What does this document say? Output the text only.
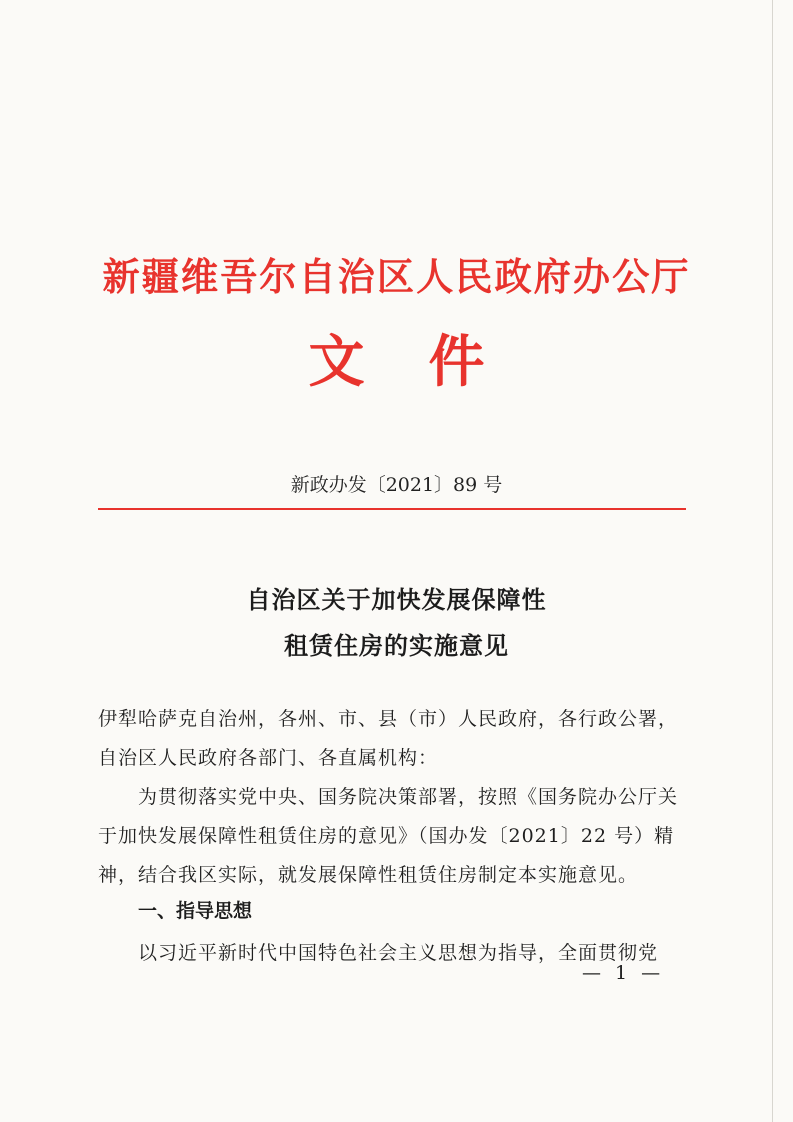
新疆维吾尔自治区人民政府办公厅
文件
新政办发〔2021〕89 号
自治区关于加快发展保障性
租赁住房的实施意见
伊犁哈萨克自治州，各州、市、县（市）人民政府，各行政公署，自治区人民政府各部门、各直属机构：
为贯彻落实党中央、国务院决策部署，按照《国务院办公厅关于加快发展保障性租赁住房的意见》（国办发〔2021〕22 号）精神，结合我区实际，就发展保障性租赁住房制定本实施意见。
一、指导思想
以习近平新时代中国特色社会主义思想为指导，全面贯彻党
— 1 —
